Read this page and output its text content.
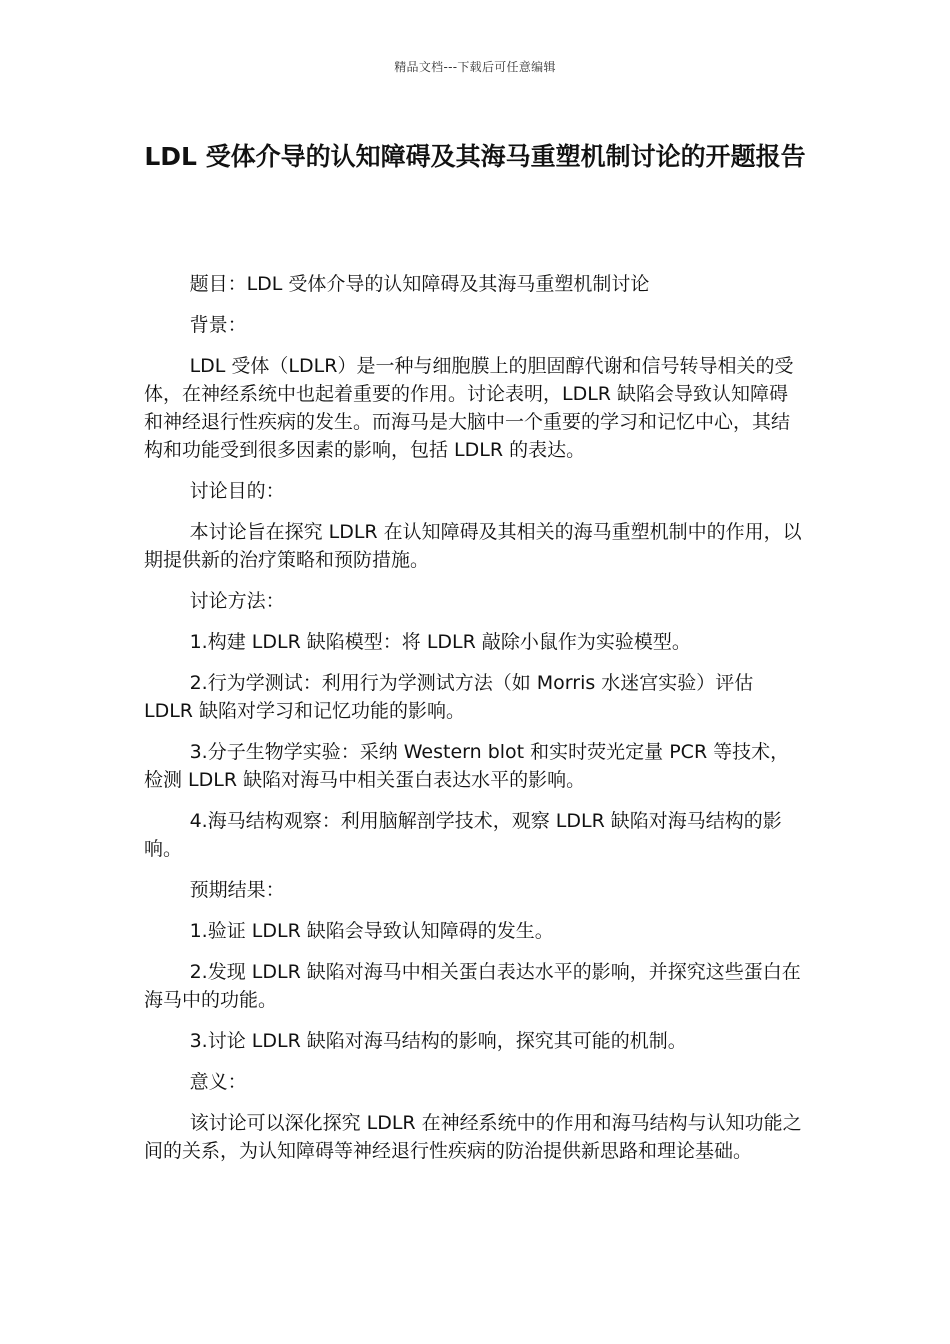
精品文档---下载后可任意编辑
LDL 受体介导的认知障碍及其海马重塑机制讨论的开题报告

题目：LDL 受体介导的认知障碍及其海马重塑机制讨论

背景：

LDL 受体（LDLR）是一种与细胞膜上的胆固醇代谢和信号转导相关的受体，在神经系统中也起着重要的作用。讨论表明，LDLR 缺陷会导致认知障碍和神经退行性疾病的发生。而海马是大脑中一个重要的学习和记忆中心，其结构和功能受到很多因素的影响，包括 LDLR 的表达。

讨论目的：

本讨论旨在探究 LDLR 在认知障碍及其相关的海马重塑机制中的作用，以期提供新的治疗策略和预防措施。

讨论方法：

1.构建 LDLR 缺陷模型：将 LDLR 敲除小鼠作为实验模型。

2.行为学测试：利用行为学测试方法（如 Morris 水迷宫实验）评估 LDLR 缺陷对学习和记忆功能的影响。

3.分子生物学实验：采纳 Western blot 和实时荧光定量 PCR 等技术，检测 LDLR 缺陷对海马中相关蛋白表达水平的影响。

4.海马结构观察：利用脑解剖学技术，观察 LDLR 缺陷对海马结构的影响。

预期结果：

1.验证 LDLR 缺陷会导致认知障碍的发生。

2.发现 LDLR 缺陷对海马中相关蛋白表达水平的影响，并探究这些蛋白在海马中的功能。

3.讨论 LDLR 缺陷对海马结构的影响，探究其可能的机制。

意义：

该讨论可以深化探究 LDLR 在神经系统中的作用和海马结构与认知功能之间的关系，为认知障碍等神经退行性疾病的防治提供新思路和理论基础。
